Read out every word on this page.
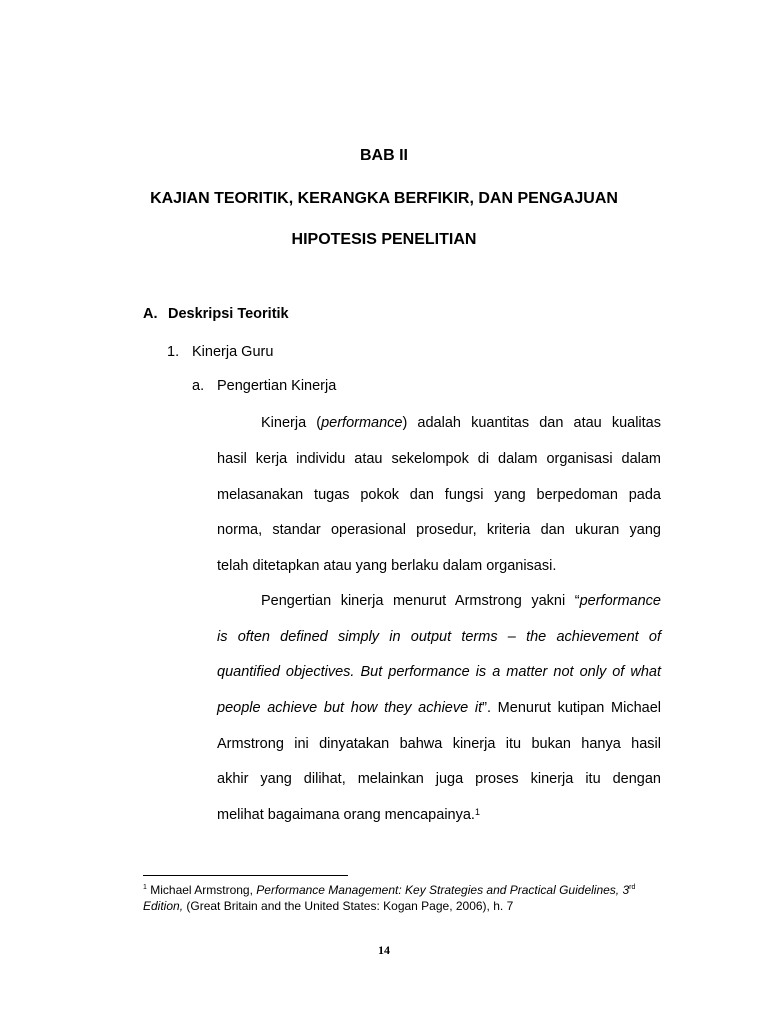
BAB II
KAJIAN TEORITIK, KERANGKA BERFIKIR, DAN PENGAJUAN
HIPOTESIS PENELITIAN
A. Deskripsi Teoritik
1. Kinerja Guru
a. Pengertian Kinerja
Kinerja (performance) adalah kuantitas dan atau kualitas
hasil kerja individu atau sekelompok di dalam organisasi dalam
melasanakan tugas pokok dan fungsi yang berpedoman pada
norma, standar operasional prosedur, kriteria dan ukuran yang
telah ditetapkan atau yang berlaku dalam organisasi.
Pengertian kinerja menurut Armstrong yakni “performance
is often defined simply in output terms – the achievement of
quantified objectives. But performance is a matter not only of what
people achieve but how they achieve it”. Menurut kutipan Michael
Armstrong ini dinyatakan bahwa kinerja itu bukan hanya hasil
akhir yang dilihat, melainkan juga proses kinerja itu dengan
melihat bagaimana orang mencapainya.$^1$
$^1$ Michael Armstrong, Performance Management: Key Strategies and Practical Guidelines, 3rd
Edition, (Great Britain and the United States: Kogan Page, 2006), h. 7
14
